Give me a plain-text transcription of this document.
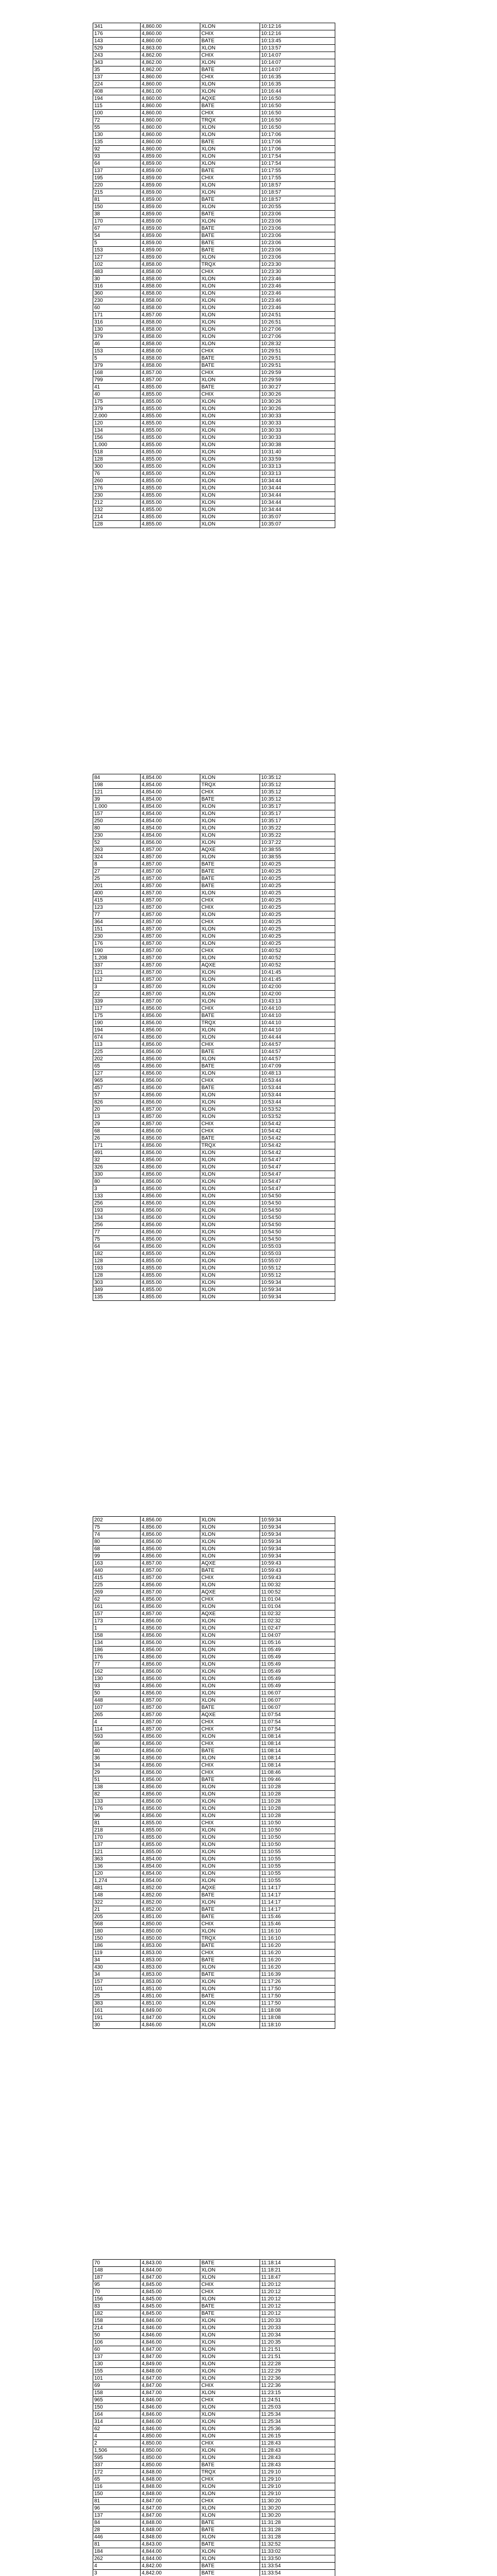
341	4,860.00	XLON	10:12:16
176	4,860.00	CHIX	10:12:16
143	4,860.00	BATE	10:13:45
529	4,863.00	XLON	10:13:57
243	4,862.00	CHIX	10:14:07
343	4,862.00	XLON	10:14:07
35	4,862.00	BATE	10:14:07
137	4,860.00	CHIX	10:16:35
224	4,860.00	XLON	10:16:35
408	4,861.00	XLON	10:16:44
194	4,860.00	AQXE	10:16:50
115	4,860.00	BATE	10:16:50
100	4,860.00	CHIX	10:16:50
72	4,860.00	TRQX	10:16:50
55	4,860.00	XLON	10:16:50
130	4,860.00	XLON	10:17:06
135	4,860.00	BATE	10:17:06
92	4,860.00	XLON	10:17:06
93	4,859.00	XLON	10:17:54
64	4,859.00	XLON	10:17:54
137	4,859.00	BATE	10:17:55
195	4,859.00	CHIX	10:17:55
220	4,859.00	XLON	10:18:57
215	4,859.00	XLON	10:18:57
81	4,859.00	BATE	10:18:57
150	4,859.00	XLON	10:20:55
38	4,859.00	BATE	10:23:06
170	4,859.00	XLON	10:23:06
67	4,859.00	BATE	10:23:06
54	4,859.00	BATE	10:23:06
5	4,859.00	BATE	10:23:06
153	4,859.00	BATE	10:23:06
127	4,859.00	XLON	10:23:06
102	4,858.00	TRQX	10:23:30
483	4,858.00	CHIX	10:23:30
30	4,858.00	XLON	10:23:46
316	4,858.00	XLON	10:23:46
360	4,858.00	XLON	10:23:46
230	4,858.00	XLON	10:23:46
60	4,858.00	XLON	10:23:46
171	4,857.00	XLON	10:24:51
316	4,858.00	XLON	10:26:51
130	4,858.00	XLON	10:27:06
379	4,858.00	XLON	10:27:06
46	4,858.00	XLON	10:28:32
153	4,858.00	CHIX	10:29:51
5	4,858.00	BATE	10:29:51
379	4,858.00	BATE	10:29:51
168	4,857.00	CHIX	10:29:59
799	4,857.00	XLON	10:29:59
41	4,855.00	BATE	10:30:27
40	4,855.00	CHIX	10:30:26
175	4,855.00	XLON	10:30:26
379	4,855.00	XLON	10:30:26
2,000	4,855.00	XLON	10:30:33
120	4,855.00	XLON	10:30:33
134	4,855.00	XLON	10:30:33
156	4,855.00	XLON	10:30:33
1,000	4,855.00	XLON	10:30:38
518	4,855.00	XLON	10:31:40
128	4,855.00	XLON	10:33:59
300	4,855.00	XLON	10:33:13
76	4,855.00	XLON	10:33:13
260	4,855.00	XLON	10:34:44
176	4,855.00	XLON	10:34:44
230	4,855.00	XLON	10:34:44
212	4,855.00	XLON	10:34:44
132	4,855.00	XLON	10:34:44
214	4,855.00	XLON	10:35:07
128	4,855.00	XLON	10:35:07
84	4,854.00	XLON	10:35:12
198	4,854.00	TRQX	10:35:12
121	4,854.00	CHIX	10:35:12
39	4,854.00	BATE	10:35:12
1,000	4,854.00	XLON	10:35:17
157	4,854.00	XLON	10:35:17
250	4,854.00	XLON	10:35:17
80	4,854.00	XLON	10:35:22
230	4,854.00	XLON	10:35:22
52	4,856.00	XLON	10:37:22
263	4,857.00	AQXE	10:38:55
324	4,857.00	XLON	10:38:55
8	4,857.00	BATE	10:40:25
27	4,857.00	BATE	10:40:25
25	4,857.00	BATE	10:40:25
201	4,857.00	BATE	10:40:25
400	4,857.00	XLON	10:40:25
415	4,857.00	CHIX	10:40:25
123	4,857.00	CHIX	10:40:25
77	4,857.00	XLON	10:40:25
364	4,857.00	CHIX	10:40:25
151	4,857.00	XLON	10:40:25
230	4,857.00	XLON	10:40:25
176	4,857.00	XLON	10:40:25
190	4,857.00	CHIX	10:40:52
1,208	4,857.00	XLON	10:40:52
337	4,857.00	AQXE	10:40:52
121	4,857.00	XLON	10:41:45
112	4,857.00	XLON	10:41:45
3	4,857.00	XLON	10:42:00
22	4,857.00	XLON	10:42:00
339	4,857.00	XLON	10:43:13
117	4,856.00	CHIX	10:44:10
175	4,856.00	BATE	10:44:10
190	4,856.00	TRQX	10:44:10
194	4,856.00	XLON	10:44:10
674	4,856.00	XLON	10:44:44
113	4,856.00	CHIX	10:44:57
225	4,856.00	BATE	10:44:57
202	4,856.00	XLON	10:44:57
65	4,856.00	BATE	10:47:09
127	4,856.00	XLON	10:48:13
965	4,856.00	CHIX	10:53:44
457	4,856.00	BATE	10:53:44
57	4,856.00	XLON	10:53:44
826	4,856.00	XLON	10:53:44
20	4,857.00	XLON	10:53:52
13	4,857.00	XLON	10:53:52
29	4,857.00	CHIX	10:54:42
68	4,856.00	CHIX	10:54:42
26	4,856.00	BATE	10:54:42
171	4,856.00	TRQX	10:54:42
491	4,856.00	XLON	10:54:42
32	4,856.00	XLON	10:54:47
326	4,856.00	XLON	10:54:47
330	4,856.00	XLON	10:54:47
80	4,856.00	XLON	10:54:47
3	4,856.00	XLON	10:54:47
133	4,856.00	XLON	10:54:50
256	4,856.00	XLON	10:54:50
193	4,856.00	XLON	10:54:50
134	4,856.00	XLON	10:54:50
256	4,856.00	XLON	10:54:50
77	4,856.00	XLON	10:54:50
75	4,856.00	XLON	10:54:50
64	4,856.00	XLON	10:55:03
182	4,855.00	XLON	10:55:03
128	4,855.00	XLON	10:55:07
193	4,855.00	XLON	10:55:12
128	4,855.00	XLON	10:55:12
303	4,855.00	XLON	10:59:34
349	4,855.00	XLON	10:59:34
135	4,855.00	XLON	10:59:34
202	4,856.00	XLON	10:59:34
75	4,856.00	XLON	10:59:34
74	4,856.00	XLON	10:59:34
80	4,856.00	XLON	10:59:34
68	4,856.00	XLON	10:59:34
99	4,856.00	XLON	10:59:34
163	4,857.00	AQXE	10:59:43
440	4,857.00	BATE	10:59:43
415	4,857.00	CHIX	10:59:43
225	4,856.00	XLON	11:00:32
269	4,857.00	AQXE	11:00:52
62	4,856.00	CHIX	11:01:04
161	4,856.00	XLON	11:01:04
157	4,857.00	AQXE	11:02:32
173	4,856.00	XLON	11:02:32
1	4,856.00	XLON	11:02:47
158	4,856.00	XLON	11:04:07
134	4,856.00	XLON	11:05:16
186	4,856.00	XLON	11:05:49
176	4,856.00	XLON	11:05:49
77	4,856.00	XLON	11:05:49
162	4,856.00	XLON	11:05:49
130	4,856.00	XLON	11:05:49
93	4,856.00	XLON	11:05:49
50	4,856.00	XLON	11:06:07
448	4,857.00	XLON	11:06:07
107	4,857.00	BATE	11:06:07
265	4,857.00	AQXE	11:07:54
4	4,857.00	CHIX	11:07:54
114	4,857.00	CHIX	11:07:54
593	4,856.00	XLON	11:08:14
86	4,856.00	CHIX	11:08:14
40	4,856.00	BATE	11:08:14
36	4,856.00	XLON	11:08:14
34	4,856.00	CHIX	11:08:14
29	4,856.00	CHIX	11:08:46
51	4,856.00	BATE	11:09:46
138	4,856.00	XLON	11:10:28
82	4,856.00	XLON	11:10:28
133	4,856.00	XLON	11:10:28
176	4,856.00	XLON	11:10:28
96	4,856.00	XLON	11:10:28
81	4,855.00	CHIX	11:10:50
218	4,855.00	XLON	11:10:50
170	4,855.00	XLON	11:10:50
137	4,855.00	XLON	11:10:50
121	4,855.00	XLON	11:10:55
363	4,854.00	XLON	11:10:55
136	4,854.00	XLON	11:10:55
120	4,854.00	XLON	11:10:55
1,274	4,854.00	XLON	11:10:55
481	4,852.00	AQXE	11:14:17
148	4,852.00	BATE	11:14:17
322	4,852.00	XLON	11:14:17
21	4,852.00	BATE	11:14:17
205	4,851.00	BATE	11:15:46
568	4,850.00	CHIX	11:15:46
180	4,850.00	XLON	11:16:10
150	4,850.00	TRQX	11:16:10
186	4,853.00	BATE	11:16:20
119	4,853.00	CHIX	11:16:20
34	4,853.00	BATE	11:16:20
430	4,853.00	XLON	11:16:20
34	4,853.00	BATE	11:16:39
157	4,853.00	XLON	11:17:26
101	4,851.00	XLON	11:17:50
25	4,851.00	BATE	11:17:50
383	4,851.00	XLON	11:17:50
161	4,849.00	XLON	11:18:08
191	4,847.00	XLON	11:18:08
30	4,846.00	XLON	11:18:10
70	4,843.00	BATE	11:18:14
148	4,844.00	XLON	11:18:21
187	4,847.00	XLON	11:18:47
95	4,845.00	CHIX	11:20:12
70	4,845.00	CHIX	11:20:12
156	4,845.00	XLON	11:20:12
83	4,845.00	BATE	11:20:12
182	4,845.00	BATE	11:20:12
158	4,846.00	XLON	11:20:33
214	4,846.00	XLON	11:20:33
50	4,846.00	XLON	11:20:34
106	4,846.00	XLON	11:20:35
60	4,847.00	XLON	11:21:51
137	4,847.00	XLON	11:21:51
130	4,849.00	XLON	11:22:28
155	4,848.00	XLON	11:22:29
101	4,847.00	XLON	11:22:36
69	4,847.00	CHIX	11:22:36
158	4,847.00	XLON	11:23:15
965	4,846.00	CHIX	11:24:51
150	4,846.00	XLON	11:25:03
164	4,846.00	XLON	11:25:34
314	4,846.00	XLON	11:25:34
62	4,846.00	XLON	11:25:36
4	4,850.00	XLON	11:26:15
2	4,850.00	CHIX	11:28:43
1,506	4,850.00	XLON	11:28:43
595	4,850.00	XLON	11:28:43
337	4,850.00	BATE	11:28:43
172	4,848.00	TRQX	11:29:10
65	4,848.00	CHIX	11:29:10
116	4,848.00	XLON	11:29:10
150	4,848.00	XLON	11:29:10
81	4,847.00	CHIX	11:30:20
96	4,847.00	XLON	11:30:20
137	4,847.00	XLON	11:30:20
84	4,848.00	BATE	11:31:28
28	4,848.00	BATE	11:31:28
446	4,848.00	XLON	11:31:28
81	4,843.00	BATE	11:32:52
184	4,844.00	XLON	11:33:02
262	4,844.00	XLON	11:33:50
4	4,842.00	BATE	11:33:54
3	4,842.00	BATE	11:33:54
